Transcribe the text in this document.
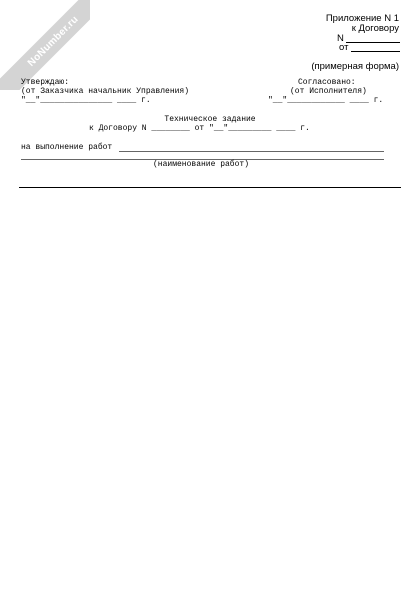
NoNumber.ru	Приложение N 1
к Договору
N
от
(примерная форма)
Утверждаю:
(от Заказчика начальник Управления)
"__"_______________ ____ г.
Согласовано:
(от Исполнителя)
"__"____________ ____ г.
Техническое задание
к Договору N ________ от "__"_________ ____ г.
на выполнение работ
(наименование работ)
